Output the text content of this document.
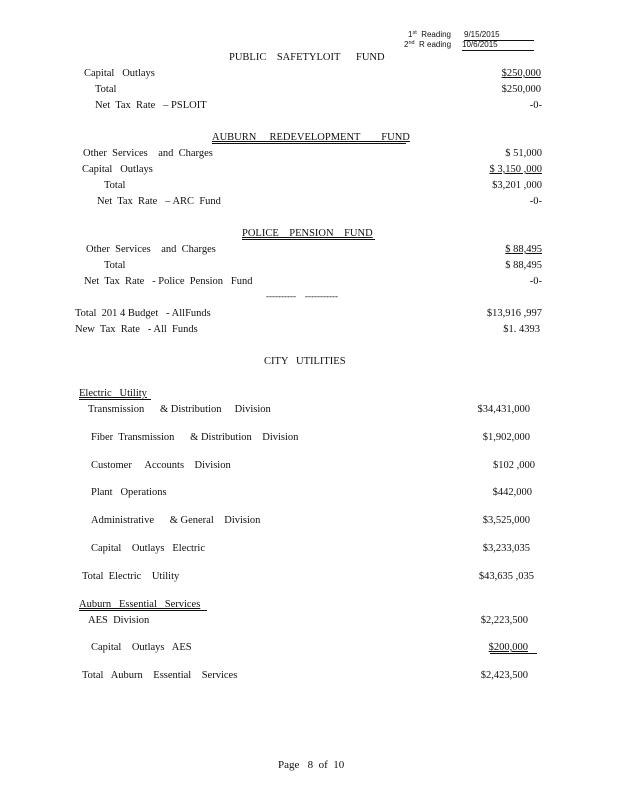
1st Reading 9/15/2015
2nd R eading 10/6/2015
PUBLIC    SAFETYLOIT      FUND
Capital   Outlays	$250,000
Total	$250,000
Net  Tax  Rate   – PSLOIT	-0-
AUBURN     REDEVELOPMENT        FUND
Other  Services    and  Charges	$ 51,000
Capital   Outlays	$ 3,150 ,000
Total	$3,201 ,000
Net  Tax  Rate   – ARC  Fund	-0-
POLICE    PENSION    FUND
Other  Services    and  Charges	$ 88,495
Total	$ 88,495
Net  Tax  Rate   - Police  Pension   Fund	-0-
----------    -----------
Total  201 4 Budget   - AllFunds	$13,916 ,997
New  Tax  Rate   - All  Funds	$1. 4393
CITY   UTILITIES
Electric   Utility
Transmission      & Distribution     Division	$34,431,000
Fiber  Transmission      & Distribution    Division	$1,902,000
Customer     Accounts    Division	$102 ,000
Plant   Operations	$442,000
Administrative      & General    Division	$3,525,000
Capital    Outlays   Electric	$3,233,035
Total  Electric    Utility	$43,635 ,035
Auburn   Essential   Services
AES  Division	$2,223,500
Capital    Outlays   AES	$200,000
Total   Auburn    Essential    Services	$2,423,500
Page   8  of  10
